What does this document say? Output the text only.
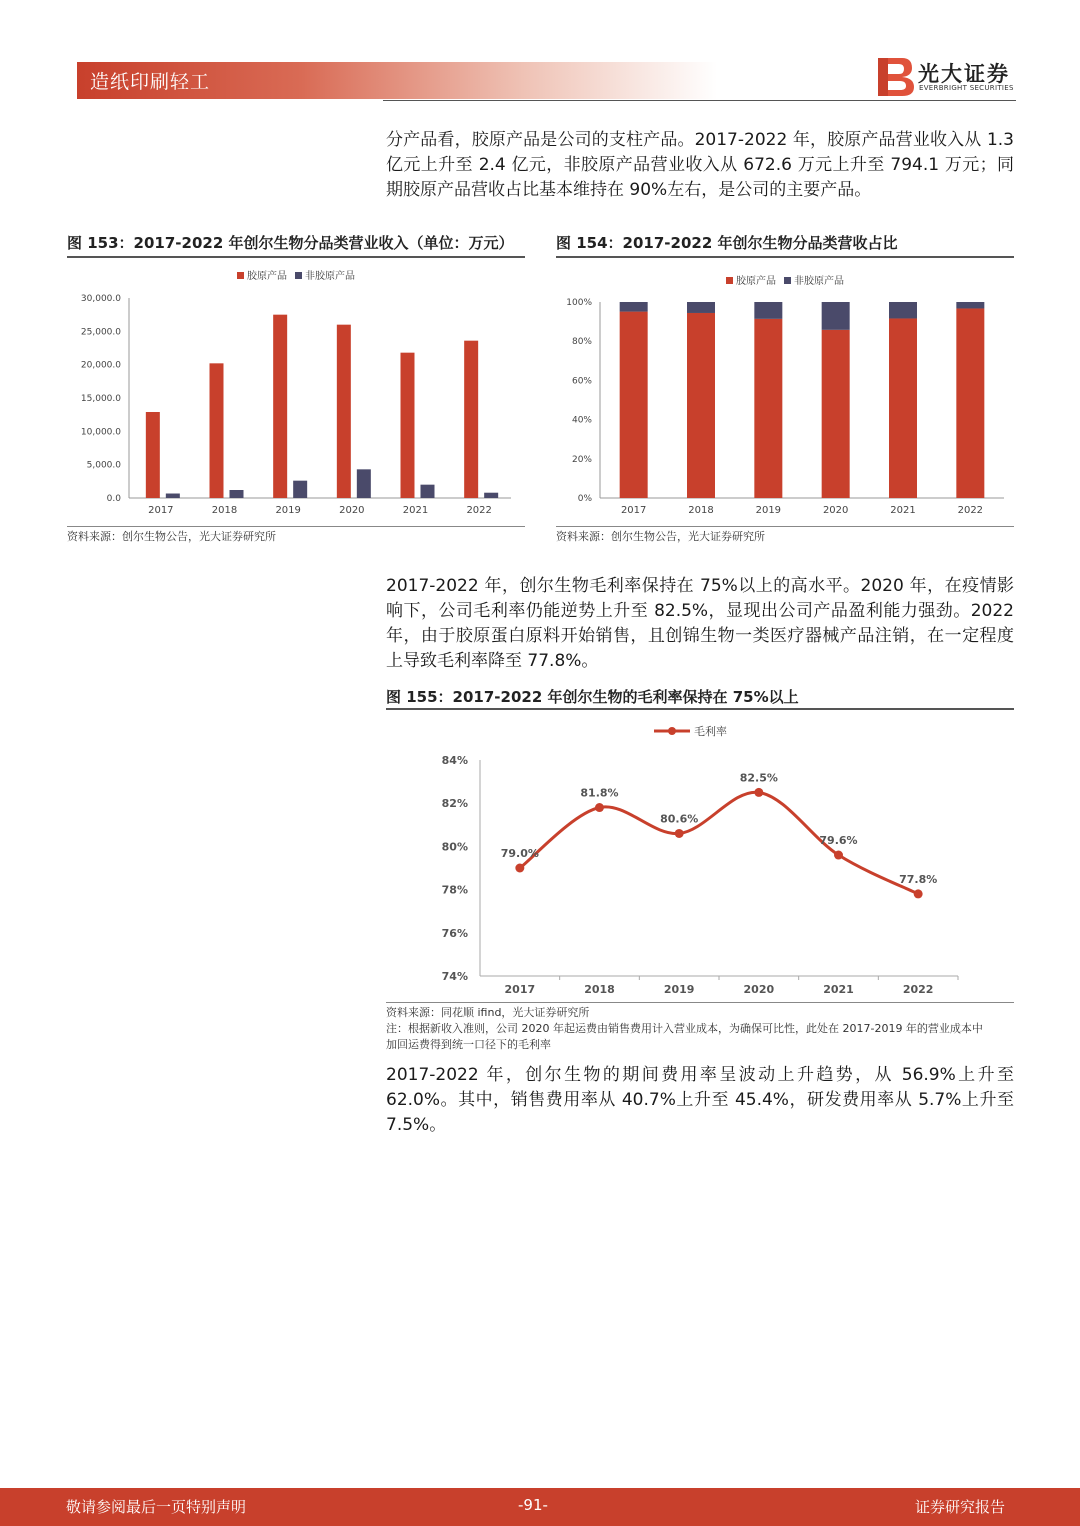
造纸印刷轻工	光大证券
EVERBRIGHT SECURITIES
分产品看，胶原产品是公司的支柱产品。2017-2022 年，胶原产品营业收入从 1.3 亿元上升至 2.4 亿元，非胶原产品营业收入从 672.6 万元上升至 794.1 万元；同期胶原产品营收占比基本维持在 90%左右，是公司的主要产品。
图 153：2017-2022 年创尔生物分品类营业收入（单位：万元）
胶原产品 非胶原产品
0.0
5,000.0
10,000.0
15,000.0
20,000.0
25,000.0
30,000.0
2017	2018	2019	2020	2021	2022
资料来源：创尔生物公告，光大证券研究所
图 154：2017-2022 年创尔生物分品类营收占比
胶原产品 非胶原产品
0%
20%
40%
60%
80%
100%
2017	2018	2019	2020	2021	2022
资料来源：创尔生物公告，光大证券研究所
2017-2022 年，创尔生物毛利率保持在 75%以上的高水平。2020 年，在疫情影响下，公司毛利率仍能逆势上升至 82.5%，显现出公司产品盈利能力强劲。2022 年，由于胶原蛋白原料开始销售，且创锦生物一类医疗器械产品注销，在一定程度上导致毛利率降至 77.8%。
图 155：2017-2022 年创尔生物的毛利率保持在 75%以上
毛利率
74%
76%
78%
80%
82%
84%
79.0%
2017
81.8%
2018
80.6%
2019
82.5%
2020
79.6%
2021
77.8%
2022
资料来源：同花顺 ifind，光大证券研究所
注：根据新收入准则，公司 2020 年起运费由销售费用计入营业成本，为确保可比性，此处在 2017-2019 年的营业成本中
加回运费得到统一口径下的毛利率
2017-2022 年，创尔生物的期间费用率呈波动上升趋势，从 56.9%上升至 62.0%。其中，销售费用率从 40.7%上升至 45.4%，研发费用率从 5.7%上升至 7.5%。
敬请参阅最后一页特别声明	-91-	证券研究报告
